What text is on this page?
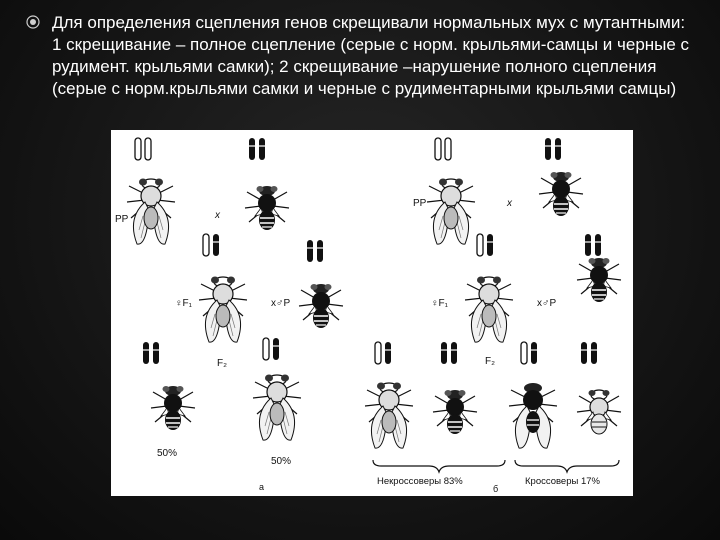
Для определения сцепления генов скрещивали нормальных мух с мутантными: 1 скрещивание – полное сцепление (серые с норм. крыльями-самцы и черные с рудимент. крыльями самки); 2 скрещивание –нарушение полного сцепления (серые с норм.крыльями самки и черные с рудиментарными крыльями самцы)
PP	x
♀F₁	x♂P
F₂
50%
50%
а
PP	x
♀F₁	x♂P
F₂
Некроссоверы 83%	Кроссоверы 17%
б
